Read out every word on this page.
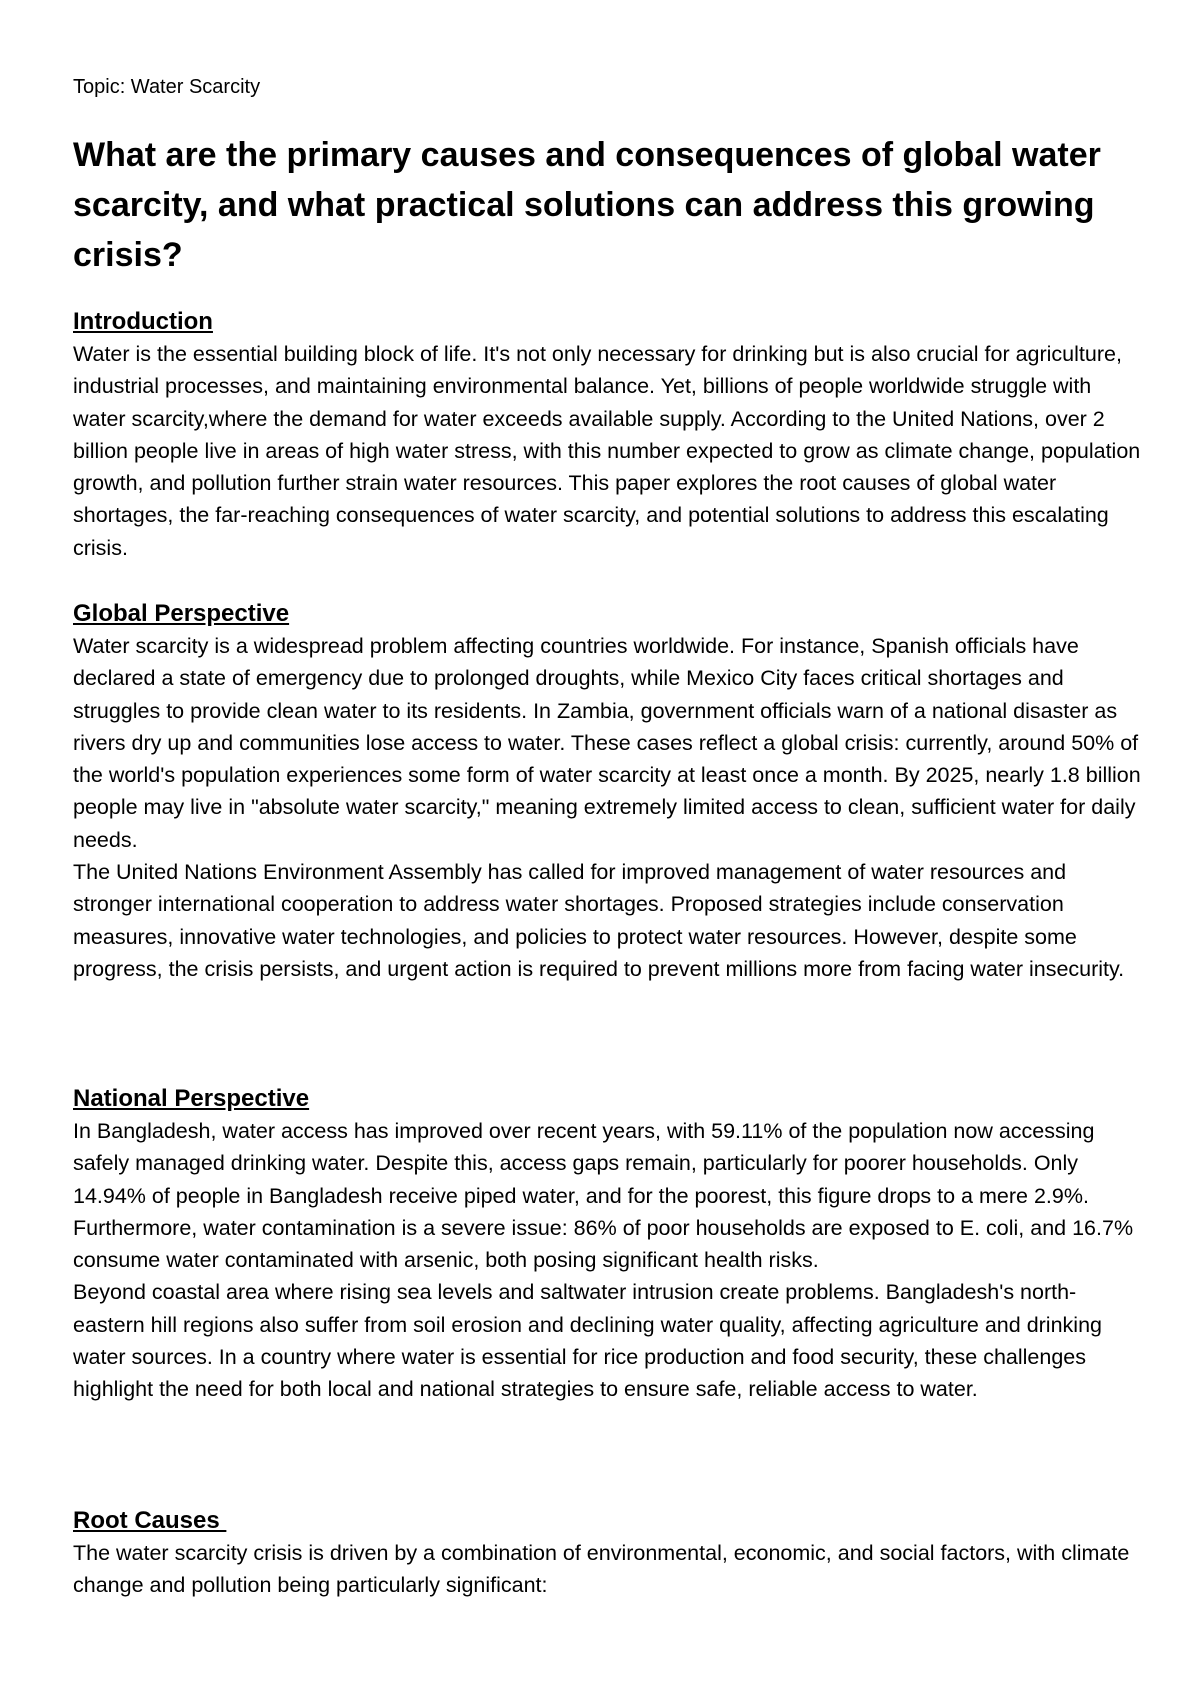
Topic: Water Scarcity
What are the primary causes and consequences of global water scarcity, and what practical solutions can address this growing crisis?
Introduction

Water is the essential building block of life. It's not only necessary for drinking but is also crucial for agriculture, industrial processes, and maintaining environmental balance. Yet, billions of people worldwide struggle with water scarcity,where the demand for water exceeds available supply. According to the United Nations, over 2 billion people live in areas of high water stress, with this number expected to grow as climate change, population growth, and pollution further strain water resources. This paper explores the root causes of global water shortages, the far-reaching consequences of water scarcity, and potential solutions to address this escalating crisis.

Global Perspective

Water scarcity is a widespread problem affecting countries worldwide. For instance, Spanish officials have declared a state of emergency due to prolonged droughts, while Mexico City faces critical shortages and struggles to provide clean water to its residents. In Zambia, government officials warn of a national disaster as rivers dry up and communities lose access to water. These cases reflect a global crisis: currently, around 50% of the world's population experiences some form of water scarcity at least once a month. By 2025, nearly 1.8 billion people may live in "absolute water scarcity," meaning extremely limited access to clean, sufficient water for daily needs.

The United Nations Environment Assembly has called for improved management of water resources and stronger international cooperation to address water shortages. Proposed strategies include conservation measures, innovative water technologies, and policies to protect water resources. However, despite some progress, the crisis persists, and urgent action is required to prevent millions more from facing water insecurity.

National Perspective

In Bangladesh, water access has improved over recent years, with 59.11% of the population now accessing safely managed drinking water. Despite this, access gaps remain, particularly for poorer households. Only 14.94% of people in Bangladesh receive piped water, and for the poorest, this figure drops to a mere 2.9%. Furthermore, water contamination is a severe issue: 86% of poor households are exposed to E. coli, and 16.7% consume water contaminated with arsenic, both posing significant health risks.

Beyond coastal area where rising sea levels and saltwater intrusion create problems. Bangladesh's north-eastern hill regions also suffer from soil erosion and declining water quality, affecting agriculture and drinking water sources. In a country where water is essential for rice production and food security, these challenges highlight the need for both local and national strategies to ensure safe, reliable access to water.

Root Causes

The water scarcity crisis is driven by a combination of environmental, economic, and social factors, with climate change and pollution being particularly significant:
